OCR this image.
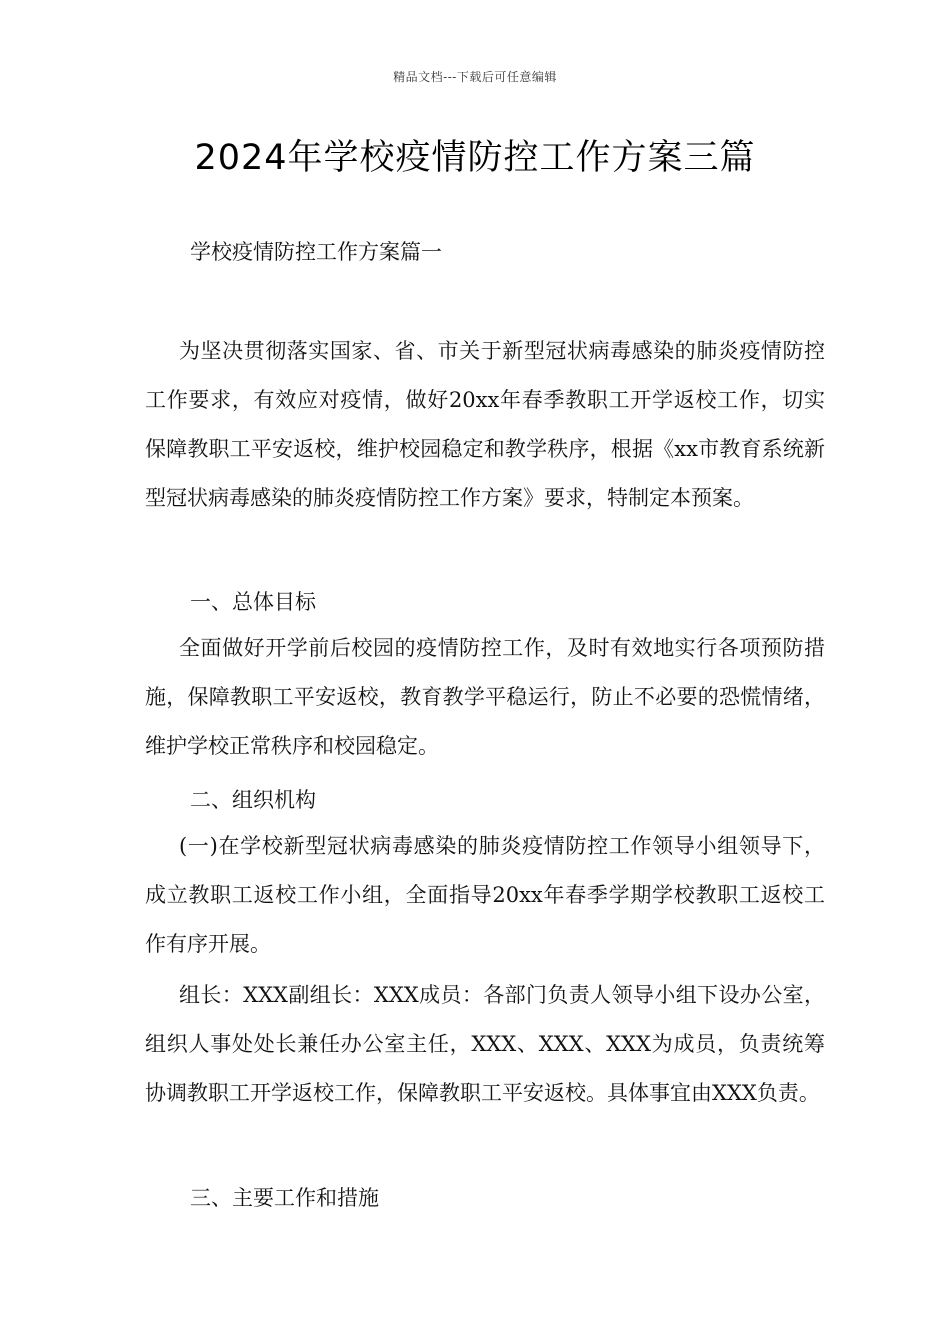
精品文档---下载后可任意编辑
2024年学校疫情防控工作方案三篇

学校疫情防控工作方案篇一

为坚决贯彻落实国家、省、市关于新型冠状病毒感染的肺炎疫情防控工作要求，有效应对疫情，做好20xx年春季教职工开学返校工作，切实保障教职工平安返校，维护校园稳定和教学秩序，根据《xx市教育系统新型冠状病毒感染的肺炎疫情防控工作方案》要求，特制定本预案。

一、总体目标

全面做好开学前后校园的疫情防控工作，及时有效地实行各项预防措施，保障教职工平安返校，教育教学平稳运行，防止不必要的恐慌情绪，维护学校正常秩序和校园稳定。

二、组织机构

(一)在学校新型冠状病毒感染的肺炎疫情防控工作领导小组领导下，成立教职工返校工作小组，全面指导20xx年春季学期学校教职工返校工作有序开展。

组长：XXX副组长：XXX成员：各部门负责人领导小组下设办公室，组织人事处处长兼任办公室主任，XXX、XXX、XXX为成员，负责统筹协调教职工开学返校工作，保障教职工平安返校。具体事宜由XXX负责。

三、主要工作和措施
